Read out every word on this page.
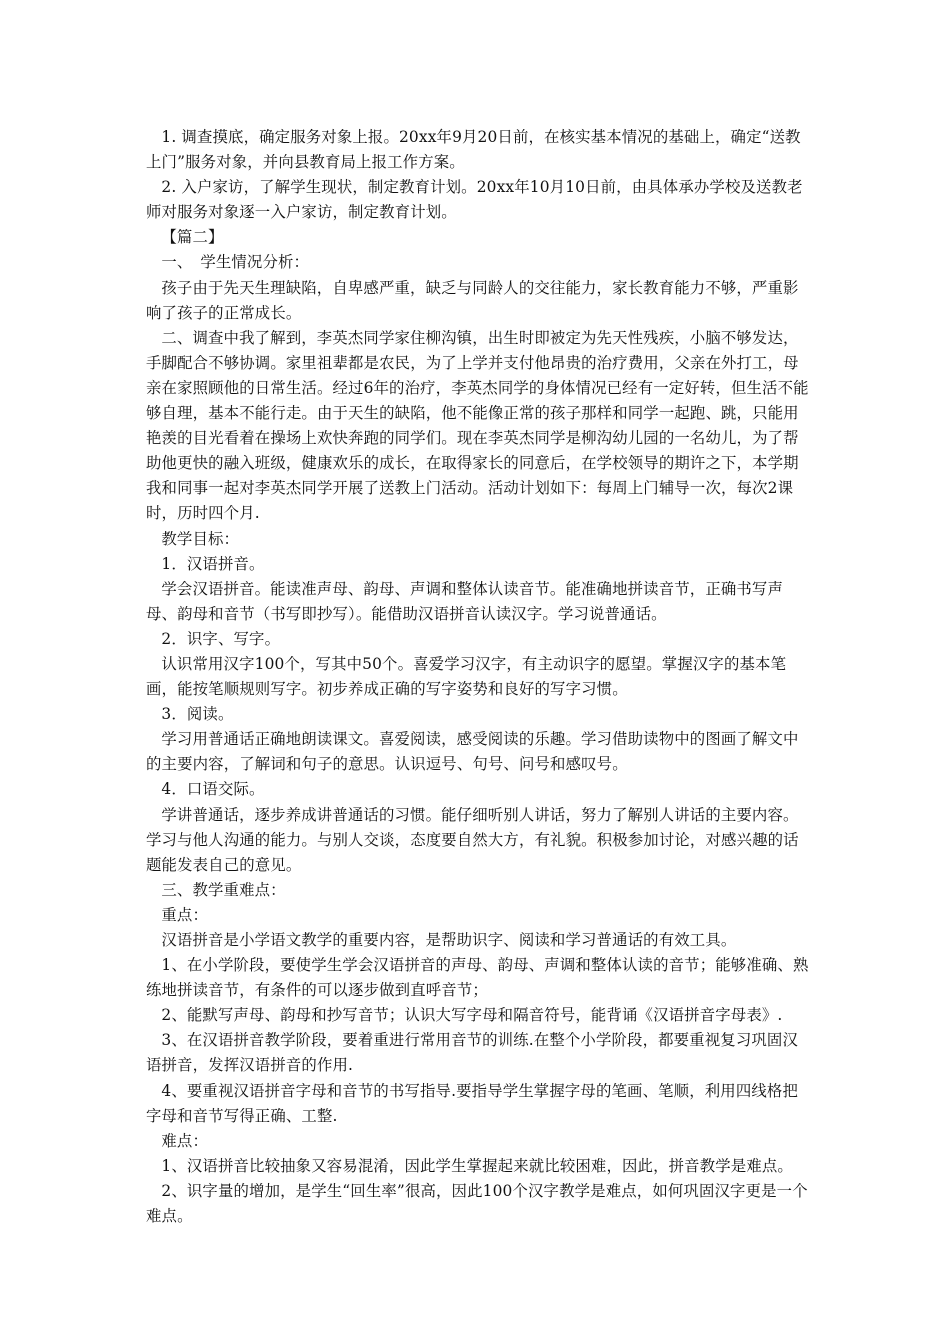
1. 调查摸底，确定服务对象上报。20xx年9月20日前，在核实基本情况的基础上，确定“送教上门”服务对象，并向县教育局上报工作方案。

2. 入户家访，了解学生现状，制定教育计划。20xx年10月10日前，由具体承办学校及送教老师对服务对象逐一入户家访，制定教育计划。

【篇二】

一、　学生情况分析：

孩子由于先天生理缺陷，自卑感严重，缺乏与同龄人的交往能力，家长教育能力不够，严重影响了孩子的正常成长。

二、调查中我了解到，李英杰同学家住柳沟镇，出生时即被定为先天性残疾，小脑不够发达，手脚配合不够协调。家里祖辈都是农民，为了上学并支付他昂贵的治疗费用，父亲在外打工，母亲在家照顾他的日常生活。经过6年的治疗，李英杰同学的身体情况已经有一定好转，但生活不能够自理，基本不能行走。由于天生的缺陷，他不能像正常的孩子那样和同学一起跑、跳，只能用艳羡的目光看着在操场上欢快奔跑的同学们。现在李英杰同学是柳沟幼儿园的一名幼儿，为了帮助他更快的融入班级，健康欢乐的成长，在取得家长的同意后，在学校领导的期许之下，本学期我和同事一起对李英杰同学开展了送教上门活动。活动计划如下：每周上门辅导一次，每次2课时，历时四个月.

教学目标：

1．汉语拼音。

学会汉语拼音。能读准声母、韵母、声调和整体认读音节。能准确地拼读音节，正确书写声母、韵母和音节（书写即抄写）。能借助汉语拼音认读汉字。学习说普通话。

2．识字、写字。

认识常用汉字100个，写其中50个。喜爱学习汉字，有主动识字的愿望。掌握汉字的基本笔画，能按笔顺规则写字。初步养成正确的写字姿势和良好的写字习惯。

3．阅读。

学习用普通话正确地朗读课文。喜爱阅读，感受阅读的乐趣。学习借助读物中的图画了解文中的主要内容，了解词和句子的意思。认识逗号、句号、问号和感叹号。

4．口语交际。

学讲普通话，逐步养成讲普通话的习惯。能仔细听别人讲话，努力了解别人讲话的主要内容。学习与他人沟通的能力。与别人交谈，态度要自然大方，有礼貌。积极参加讨论，对感兴趣的话题能发表自己的意见。

三、教学重难点：

重点：

汉语拼音是小学语文教学的重要内容，是帮助识字、阅读和学习普通话的有效工具。

1、在小学阶段，要使学生学会汉语拼音的声母、韵母、声调和整体认读的音节；能够准确、熟练地拼读音节，有条件的可以逐步做到直呼音节；

2、能默写声母、韵母和抄写音节；认识大写字母和隔音符号，能背诵《汉语拼音字母表》.

3、在汉语拼音教学阶段，要着重进行常用音节的训练.在整个小学阶段，都要重视复习巩固汉语拼音，发挥汉语拼音的作用.

4、要重视汉语拼音字母和音节的书写指导.要指导学生掌握字母的笔画、笔顺，利用四线格把字母和音节写得正确、工整.

难点：

1、汉语拼音比较抽象又容易混淆，因此学生掌握起来就比较困难，因此，拼音教学是难点。

2、识字量的增加，是学生“回生率”很高，因此100个汉字教学是难点，如何巩固汉字更是一个难点。
